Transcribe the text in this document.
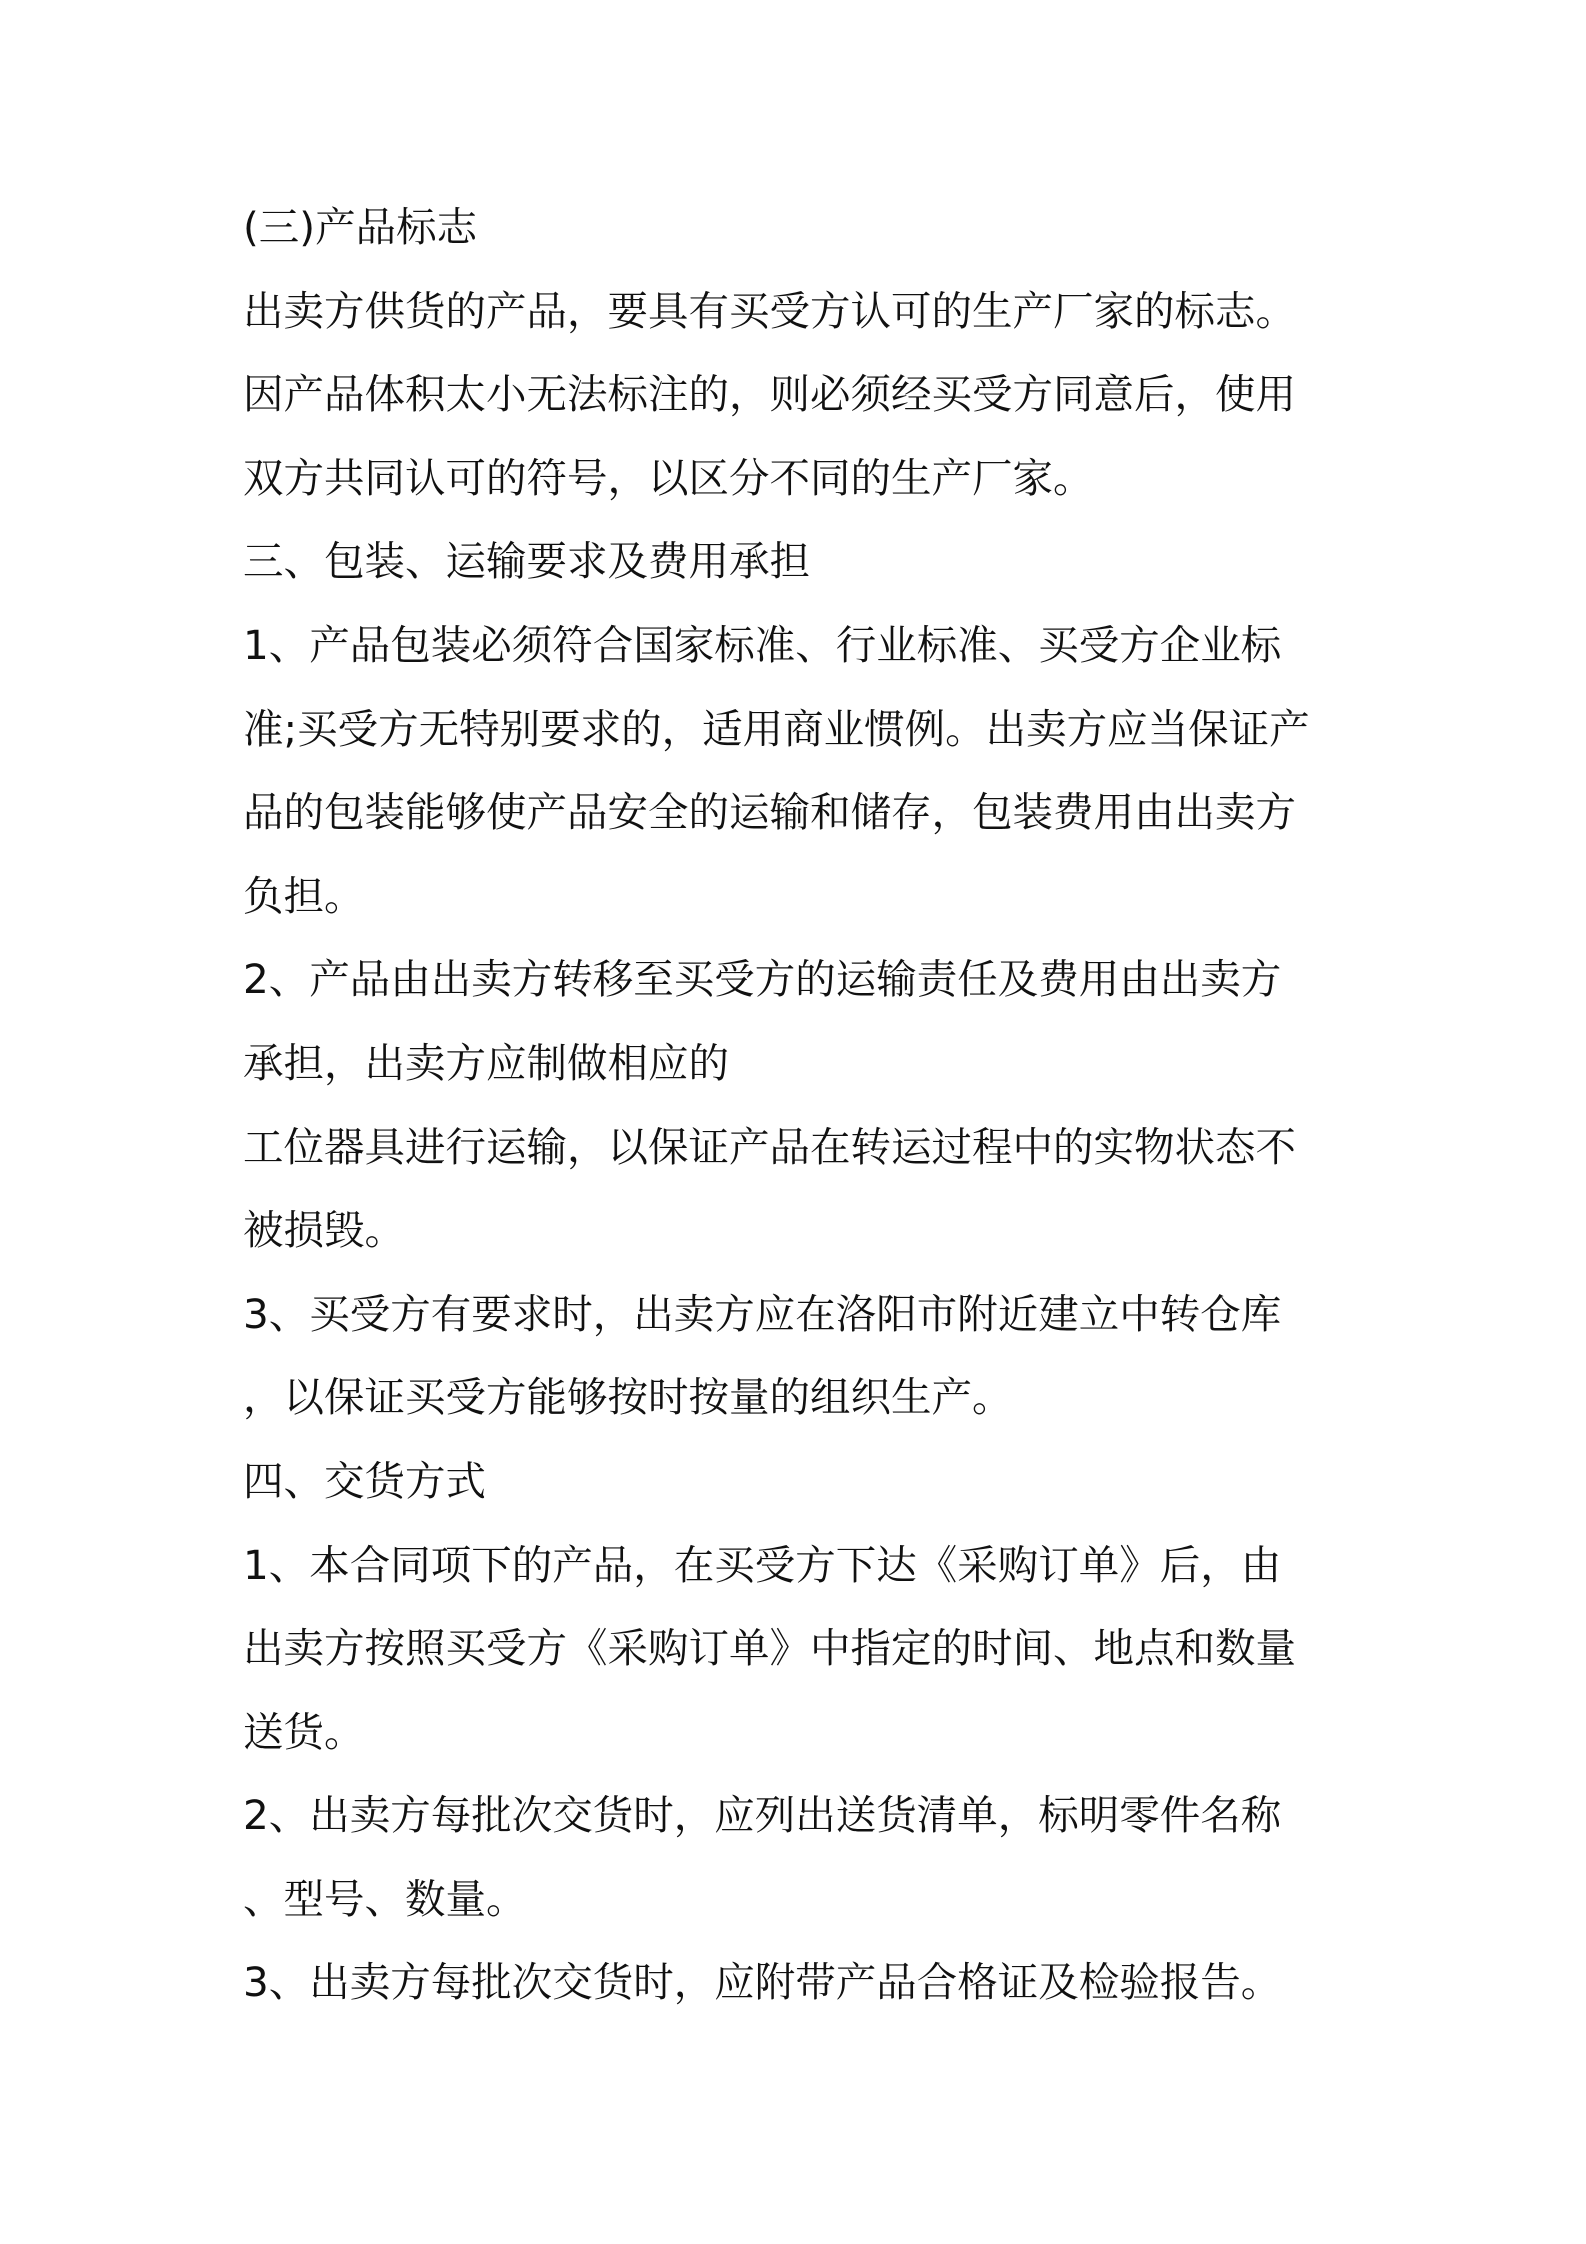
(三)产品标志

出卖方供货的产品，要具有买受方认可的生产厂家的标志。

因产品体积太小无法标注的，则必须经买受方同意后，使用

双方共同认可的符号，以区分不同的生产厂家。

三、包装、运输要求及费用承担

1、产品包装必须符合国家标准、行业标准、买受方企业标

准;买受方无特别要求的，适用商业惯例。出卖方应当保证产

品的包装能够使产品安全的运输和储存，包装费用由出卖方

负担。

2、产品由出卖方转移至买受方的运输责任及费用由出卖方

承担，出卖方应制做相应的

工位器具进行运输，以保证产品在转运过程中的实物状态不

被损毁。

3、买受方有要求时，出卖方应在洛阳市附近建立中转仓库

，以保证买受方能够按时按量的组织生产。

四、交货方式

1、本合同项下的产品，在买受方下达《采购订单》后，由

出卖方按照买受方《采购订单》中指定的时间、地点和数量

送货。

2、出卖方每批次交货时，应列出送货清单，标明零件名称

、型号、数量。

3、出卖方每批次交货时，应附带产品合格证及检验报告。
